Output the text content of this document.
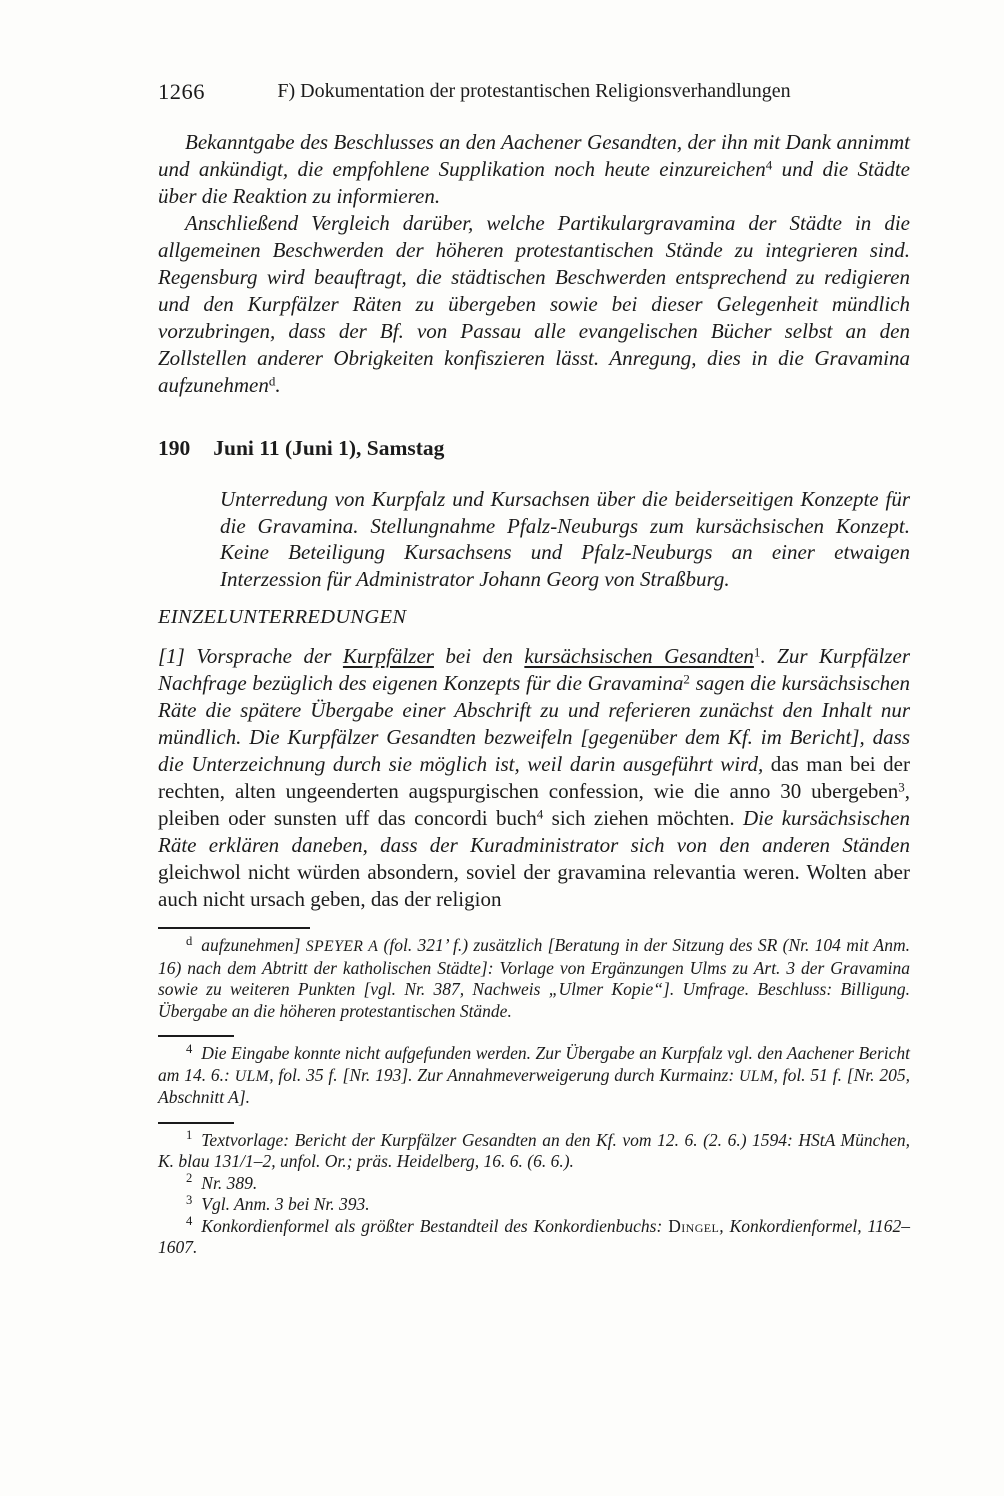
F) Dokumentation der protestantischen Religionsverhandlungen
1266

Bekanntgabe des Beschlusses an den Aachener Gesandten, der ihn mit Dank annimmt und ankündigt, die empfohlene Supplikation noch heute einzureichen$^4$ und die Städte über die Reaktion zu informieren.

Anschließend Vergleich darüber, welche Partikulargravamina der Städte in die allgemeinen Beschwerden der höheren protestantischen Stände zu integrieren sind. Regensburg wird beauftragt, die städtischen Beschwerden entsprechend zu redigieren und den Kurpfälzer Räten zu übergeben sowie bei dieser Gelegenheit mündlich vorzubringen, dass der Bf. von Passau alle evangelischen Bücher selbst an den Zollstellen anderer Obrigkeiten konfiszieren lässt. Anregung, dies in die Gravamina aufzunehmen$^d$.

190 Juni 11 (Juni 1), Samstag

Unterredung von Kurpfalz und Kursachsen über die beiderseitigen Konzepte für die Gravamina. Stellungnahme Pfalz-Neuburgs zum kursächsischen Konzept. Keine Beteiligung Kursachsens und Pfalz-Neuburgs an einer etwaigen Interzession für Administrator Johann Georg von Straßburg.

EINZELUNTERREDUNGEN

[1] Vorsprache der Kurpfälzer bei den kursächsischen Gesandten$^1$. Zur Kurpfälzer Nachfrage bezüglich des eigenen Konzepts für die Gravamina$^2$ sagen die kursächsischen Räte die spätere Übergabe einer Abschrift zu und referieren zunächst den Inhalt nur mündlich. Die Kurpfälzer Gesandten bezweifeln [gegenüber dem Kf. im Bericht], dass die Unterzeichnung durch sie möglich ist, weil darin ausgeführt wird, das man bei der rechten, alten ungeenderten augspurgischen confession, wie die anno 30 ubergeben$^3$, pleiben oder sunsten uff das concordi buch$^4$ sich ziehen möchten. Die kursächsischen Räte erklären daneben, dass der Kuradministrator sich von den anderen Ständen gleichwol nicht würden absondern, soviel der gravamina relevantia weren. Wolten aber auch nicht ursach geben, das der religion

$^d$ aufzunehmen] SPEYER A (fol. 321’ f.) zusätzlich [Beratung in der Sitzung des SR (Nr. 104 mit Anm. 16) nach dem Abtritt der katholischen Städte]: Vorlage von Ergänzungen Ulms zu Art. 3 der Gravamina sowie zu weiteren Punkten [vgl. Nr. 387, Nachweis „Ulmer Kopie“]. Umfrage. Beschluss: Billigung. Übergabe an die höheren protestantischen Stände.

$^4$ Die Eingabe konnte nicht aufgefunden werden. Zur Übergabe an Kurpfalz vgl. den Aachener Bericht am 14. 6.: ULM, fol. 35 f. [Nr. 193]. Zur Annahmeverweigerung durch Kurmainz: ULM, fol. 51 f. [Nr. 205, Abschnitt A].

$^1$ Textvorlage: Bericht der Kurpfälzer Gesandten an den Kf. vom 12. 6. (2. 6.) 1594: HStA München, K. blau 131/1–2, unfol. Or.; präs. Heidelberg, 16. 6. (6. 6.).

$^2$ Nr. 389.

$^3$ Vgl. Anm. 3 bei Nr. 393.

$^4$ Konkordienformel als größter Bestandteil des Konkordienbuchs: Dingel, Konkordienformel, 1162–1607.
